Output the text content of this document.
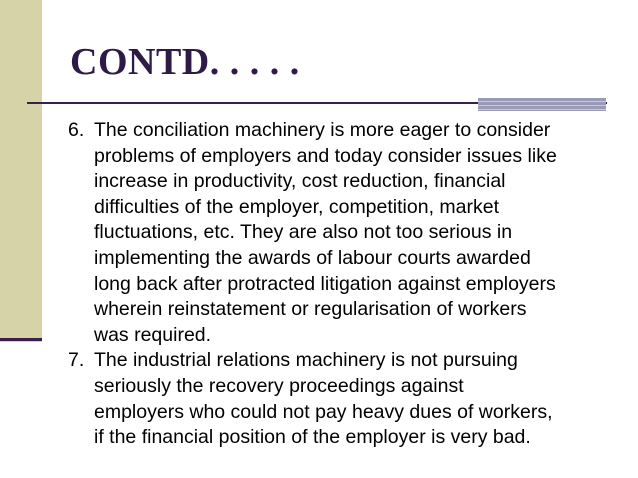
CONTD. . . . .
6. The conciliation machinery is more eager to consider
problems of employers and today consider issues like
increase in productivity, cost reduction, financial
difficulties of the employer, competition, market
fluctuations, etc. They are also not too serious in
implementing the awards of labour courts awarded
long back after protracted litigation against employers
wherein reinstatement or regularisation of workers
was required.
7. The industrial relations machinery is not pursuing
seriously the recovery proceedings against
employers who could not pay heavy dues of workers,
if the financial position of the employer is very bad.
